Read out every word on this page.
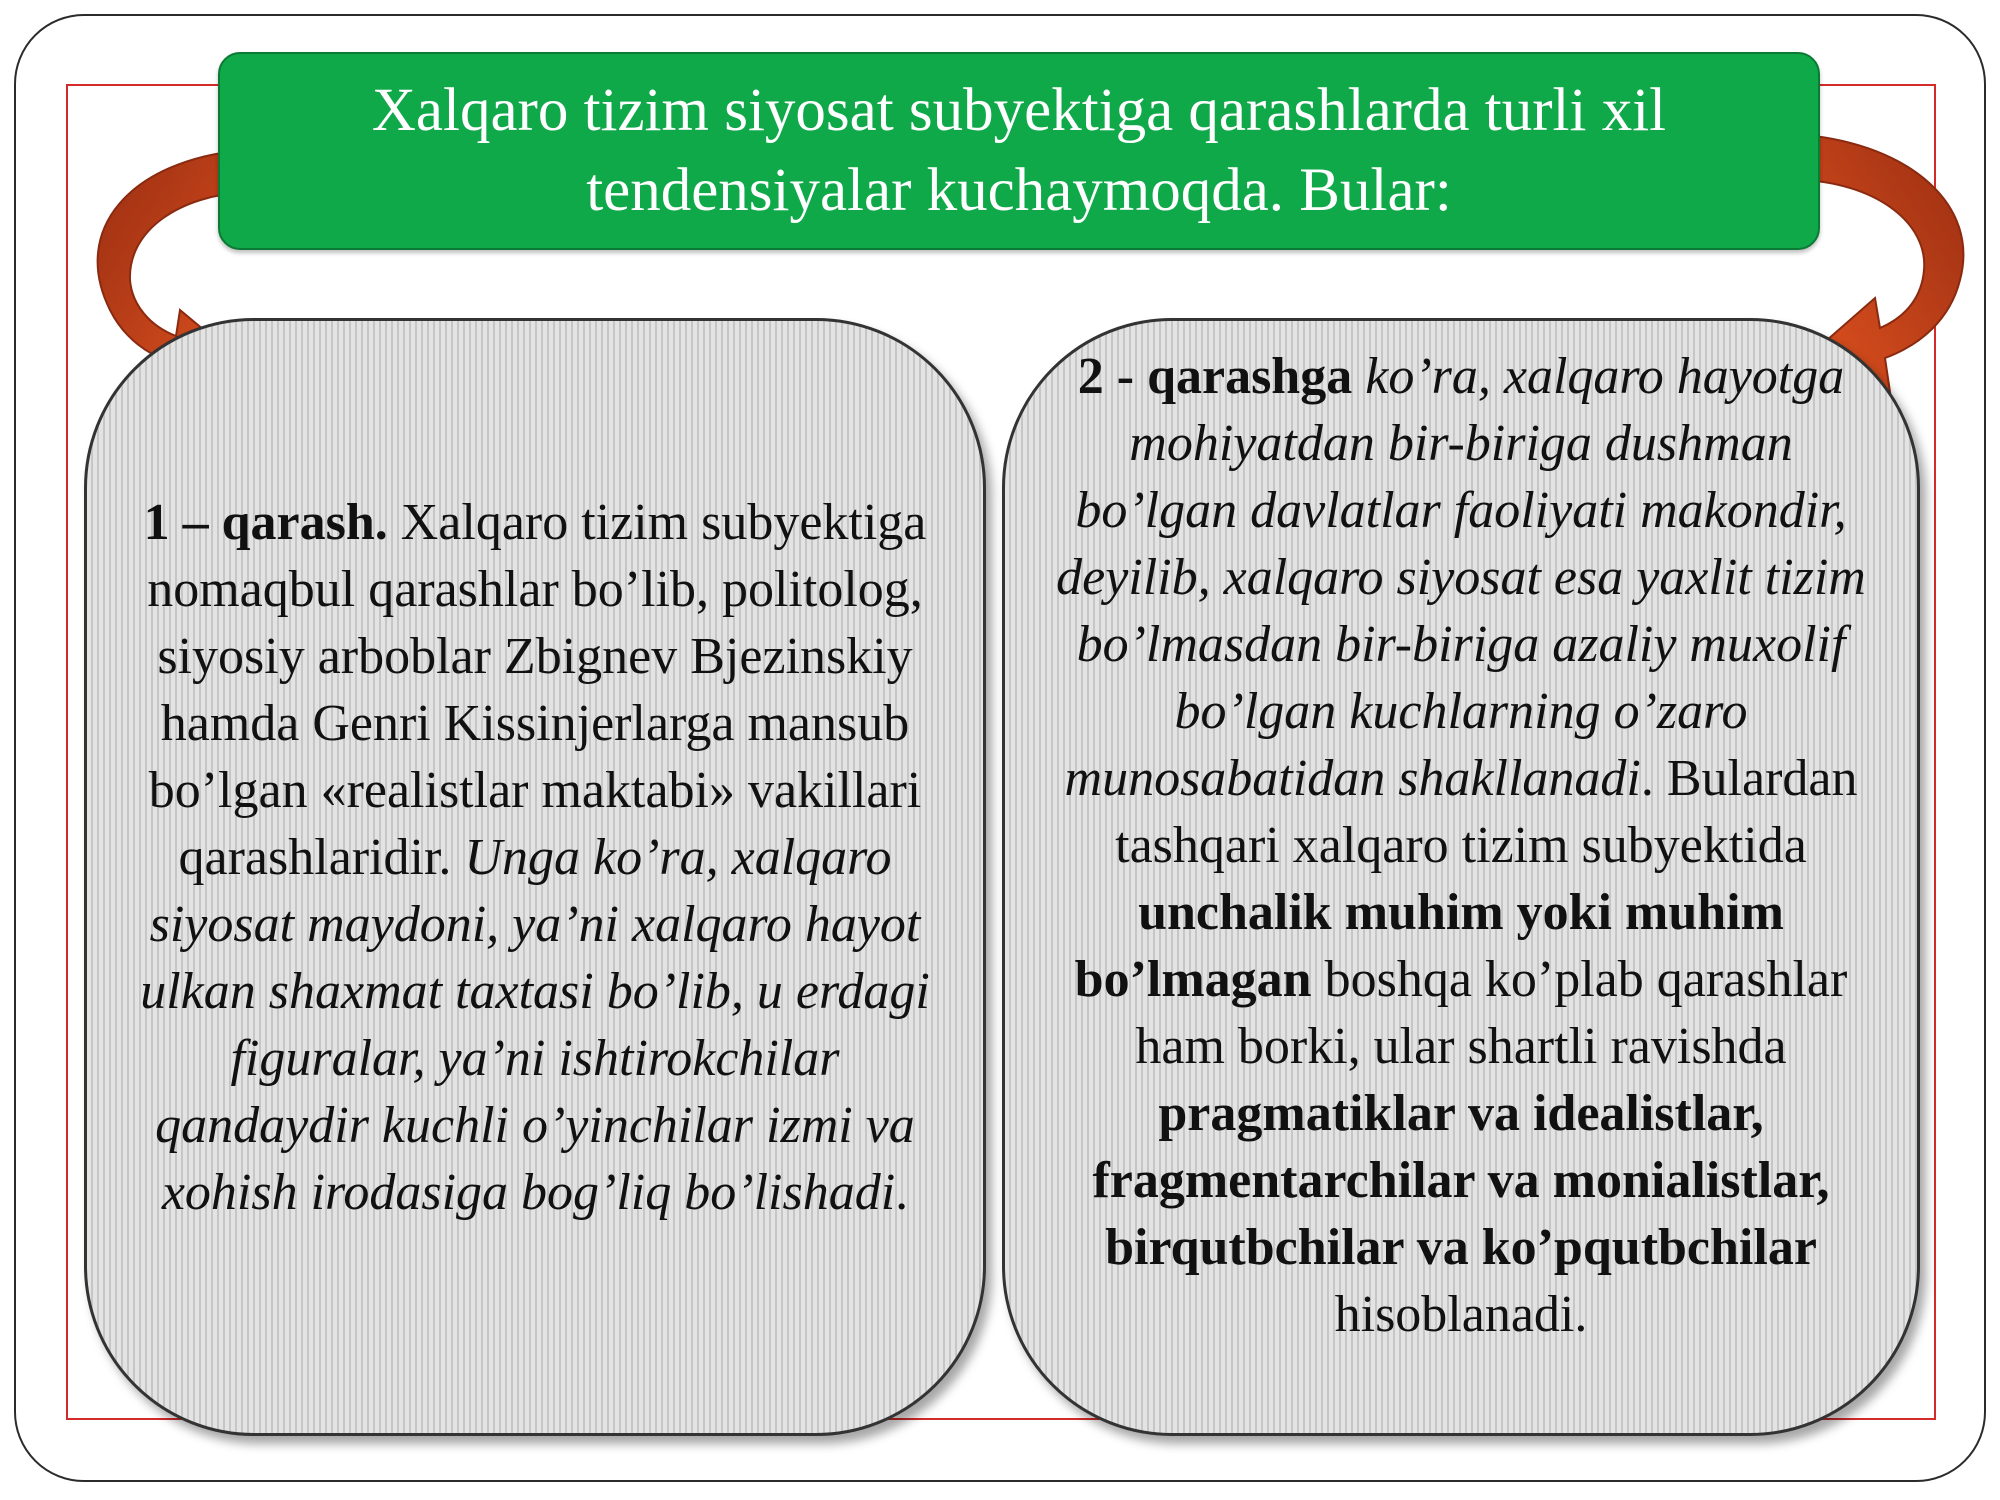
Xalqaro tizim siyosat subyektiga qarashlarda turli xil
tendensiyalar kuchaymoqda. Bular:

1 – qarash. Xalqaro tizim subyektiga nomaqbul qarashlar bo’lib, politolog, siyosiy arboblar Zbignev Bjezinskiy hamda Genri Kissinjerlarga mansub bo’lgan «realistlar maktabi» vakillari qarashlaridir. Unga ko’ra, xalqaro siyosat maydoni, ya’ni xalqaro hayot ulkan shaxmat taxtasi bo’lib, u erdagi figuralar, ya’ni ishtirokchilar qandaydir kuchli o’yinchilar izmi va xohish irodasiga bog’liq bo’lishadi.

2 - qarashga ko’ra, xalqaro hayotga mohiyatdan bir-biriga dushman bo’lgan davlatlar faoliyati makondir, deyilib, xalqaro siyosat esa yaxlit tizim bo’lmasdan bir-biriga azaliy muxolif bo’lgan kuchlarning o’zaro munosabatidan shakllanadi. Bulardan tashqari xalqaro tizim subyektida unchalik muhim yoki muhim bo’lmagan boshqa ko’plab qarashlar ham borki, ular shartli ravishda pragmatiklar va idealistlar, fragmentarchilar va monialistlar, birqutbchilar va ko’pqutbchilar hisoblanadi.
